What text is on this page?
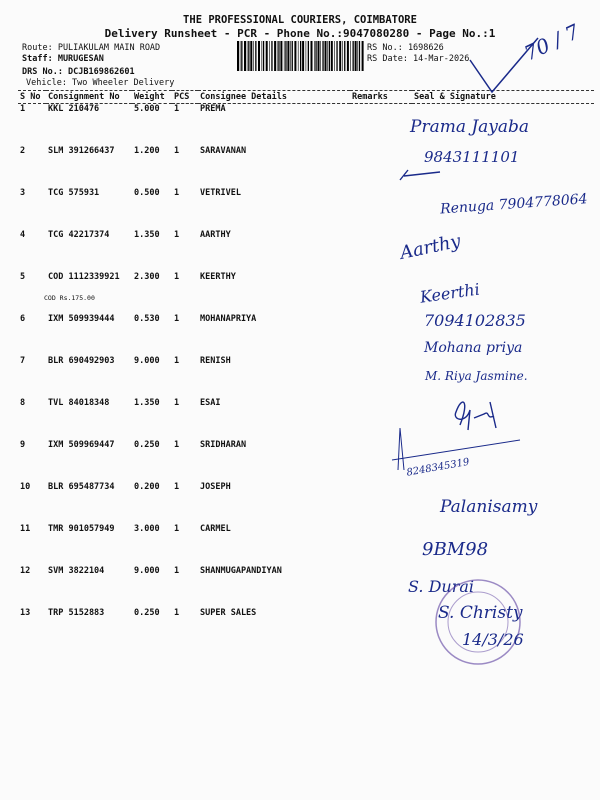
THE PROFESSIONAL COURIERS, COIMBATORE
Delivery Runsheet - PCR - Phone No.:9047080280 - Page No.:1
Route: PULIAKULAM MAIN ROAD
Staff: MURUGESAN
DRS No.: DCJB169862601
Vehicle: Two Wheeler Delivery
RS No.: 1698626
RS Date: 14-Mar-2026
S No	Consignment No	Weight	PCS	Consignee Details	Remarks	Seal & Signature
1	KKL 210476	5.000	1	PREMA		
2	SLM 391266437	1.200	1	SARAVANAN		
3	TCG 575931	0.500	1	VETRIVEL		
4	TCG 42217374	1.350	1	AARTHY		
5	COD 1112339921	2.300	1	KEERTHY		
6	IXM 509939444	0.530	1	MOHANAPRIYA		
7	BLR 690492903	9.000	1	RENISH		
8	TVL 84018348	1.350	1	ESAI		
9	IXM 509969447	0.250	1	SRIDHARAN		
10	BLR 695487734	0.200	1	JOSEPH		
11	TMR 901057949	3.000	1	CARMEL		
12	SVM 3822104	9.000	1	SHANMUGAPANDIYAN		
13	TRP 5152883	0.250	1	SUPER SALES		
COD Rs.175.00
70 / 7
Prama Jayaba
9843111101
Renuga 7904778064
Aarthy
Keerthi
7094102835
Mohana priya
M. Riya Jasmine.
8248345319
Palanisamy
9BM98
S. Durai
S. Christy
14/3/26
